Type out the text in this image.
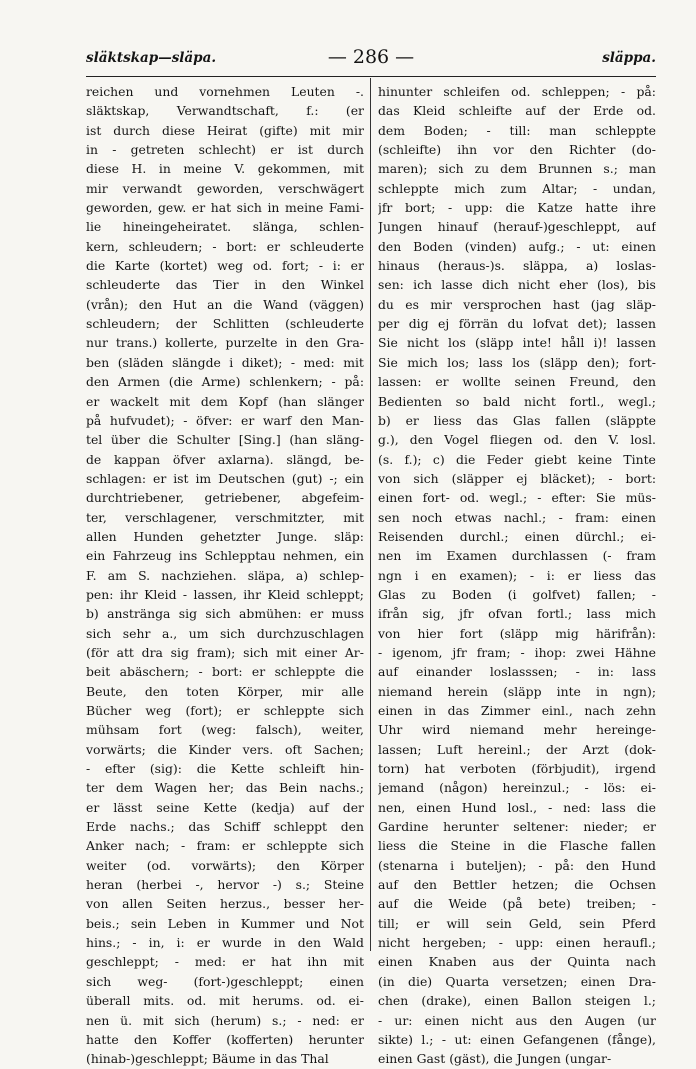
släktskap—släpa.	— 286 —	släppa.
reichen und vornehmen Leuten -.
släktskap, Verwandtschaft, f.: (er
ist durch diese Heirat (gifte) mit mir
in - getreten schlecht) er ist durch
diese H. in meine V. gekommen, mit
mir verwandt geworden, verschwägert
geworden, gew. er hat sich in meine Fami-
lie hineingeheiratet. slänga, schlen-
kern, schleudern; - bort: er schleuderte
die Karte (kortet) weg od. fort; - i: er
schleuderte das Tier in den Winkel
(vrån); den Hut an die Wand (väggen)
schleudern; der Schlitten (schleuderte
nur trans.) kollerte, purzelte in den Gra-
ben (släden slängde i diket); - med: mit
den Armen (die Arme) schlenkern; - på:
er wackelt mit dem Kopf (han slänger
på hufvudet); - öfver: er warf den Man-
tel über die Schulter [Sing.] (han släng-
de kappan öfver axlarna). slängd, be-
schlagen: er ist im Deutschen (gut) -; ein
durchtriebener, getriebener, abgefeim-
ter, verschlagener, verschmitzter, mit
allen Hunden gehetzter Junge. släp:
ein Fahrzeug ins Schlepptau nehmen, ein
F. am S. nachziehen. släpa, a) schlep-
pen: ihr Kleid - lassen, ihr Kleid schleppt;
b) anstränga sig sich abmühen: er muss
sich sehr a., um sich durchzuschlagen
(för att dra sig fram); sich mit einer Ar-
beit abäschern; - bort: er schleppte die
Beute, den toten Körper, mir alle
Bücher weg (fort); er schleppte sich
mühsam fort (weg: falsch), weiter,
vorwärts; die Kinder vers. oft Sachen;
- efter (sig): die Kette schleift hin-
ter dem Wagen her; das Bein nachs.;
er lässt seine Kette (kedja) auf der
Erde nachs.; das Schiff schleppt den
Anker nach; - fram: er schleppte sich
weiter (od. vorwärts); den Körper
heran (herbei -, hervor -) s.; Steine
von allen Seiten herzus., besser her-
beis.; sein Leben in Kummer und Not
hins.; - in, i: er wurde in den Wald
geschleppt; - med: er hat ihn mit
sich weg- (fort-)geschleppt; einen
überall mits. od. mit herums. od. ei-
nen ü. mit sich (herum) s.; - ned: er
hatte den Koffer (kofferten) herunter
(hinab-)geschleppt; Bäume in das Thal
hinunter schleifen od. schleppen; - på:
das Kleid schleifte auf der Erde od.
dem Boden; - till: man schleppte
(schleifte) ihn vor den Richter (do-
maren); sich zu dem Brunnen s.; man
schleppte mich zum Altar; - undan,
jfr bort; - upp: die Katze hatte ihre
Jungen hinauf (herauf-)geschleppt, auf
den Boden (vinden) aufg.; - ut: einen
hinaus (heraus-)s. släppa, a) loslas-
sen: ich lasse dich nicht eher (los), bis
du es mir versprochen hast (jag släp-
per dig ej förrän du lofvat det); lassen
Sie nicht los (släpp inte! håll i)! lassen
Sie mich los; lass los (släpp den); fort-
lassen: er wollte seinen Freund, den
Bedienten so bald nicht fortl., wegl.;
b) er liess das Glas fallen (släppte
g.), den Vogel fliegen od. den V. losl.
(s. f.); c) die Feder giebt keine Tinte
von sich (släpper ej bläcket); - bort:
einen fort- od. wegl.; - efter: Sie müs-
sen noch etwas nachl.; - fram: einen
Reisenden durchl.; einen dürchl.; ei-
nen im Examen durchlassen (- fram
ngn i en examen); - i: er liess das
Glas zu Boden (i golfvet) fallen; -
ifrån sig, jfr ofvan fortl.; lass mich
von hier fort (släpp mig härifrån):
- igenom, jfr fram; - ihop: zwei Hähne
auf einander loslasssen; - in: lass
niemand herein (släpp inte in ngn);
einen in das Zimmer einl., nach zehn
Uhr wird niemand mehr hereinge-
lassen; Luft hereinl.; der Arzt (dok-
torn) hat verboten (förbjudit), irgend
jemand (någon) hereinzul.; - lös: ei-
nen, einen Hund losl., - ned: lass die
Gardine herunter seltener: nieder; er
liess die Steine in die Flasche fallen
(stenarna i buteljen); - på: den Hund
auf den Bettler hetzen; die Ochsen
auf die Weide (på bete) treiben; -
till; er will sein Geld, sein Pferd
nicht hergeben; - upp: einen heraufl.;
einen Knaben aus der Quinta nach
(in die) Quarta versetzen; einen Dra-
chen (drake), einen Ballon steigen l.;
- ur: einen nicht aus den Augen (ur
sikte) l.; - ut: einen Gefangenen (fånge),
einen Gast (gäst), die Jungen (ungar-
